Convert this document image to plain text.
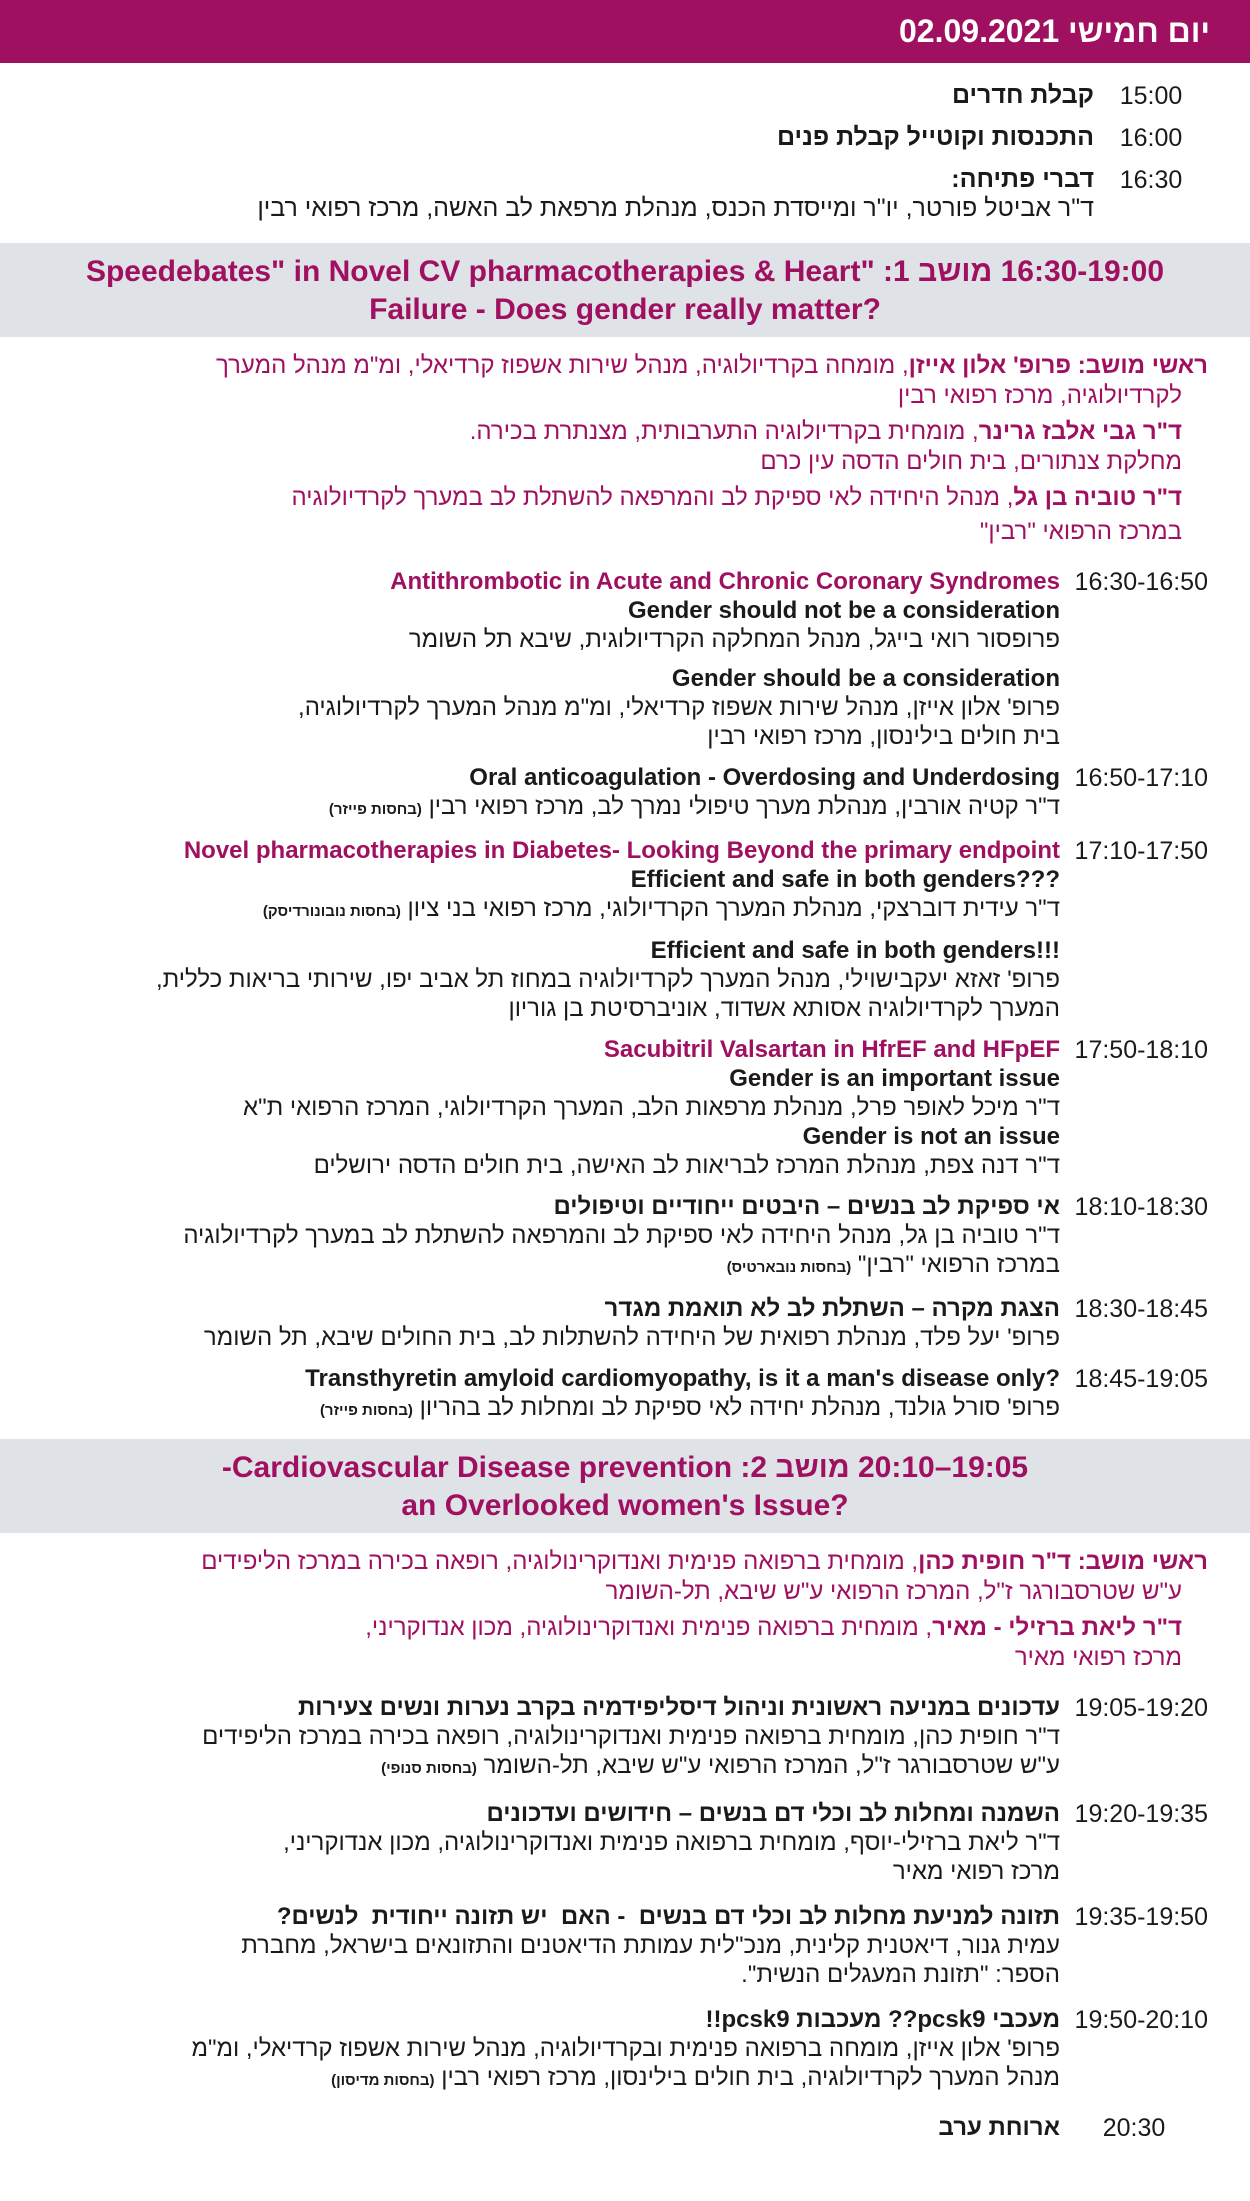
יום חמישי 02.09.2021
15:00
קבלת חדרים
16:00
התכנסות וקוטייל קבלת פנים
16:30
דברי פתיחה:
ד"ר אביטל פורטר, יו"ר ומייסדת הכנס, מנהלת מרפאת לב האשה, מרכז רפואי רבין
16:30-19:00 מושב 1: "Speedebates" in Novel CV pharmacotherapies & Heart
Failure - Does gender really matter?
ראשי מושב: פרופ' אלון אייזן, מומחה בקרדיולוגיה, מנהל שירות אשפוז קרדיאלי, ומ"מ מנהל המערך
לקרדיולוגיה, מרכז רפואי רבין
ד"ר גבי אלבז גרינר, מומחית בקרדיולוגיה התערבותית, מצנתרת בכירה.
מחלקת צנתורים, בית חולים הדסה עין כרם
ד"ר טוביה בן גל, מנהל היחידה לאי ספיקת לב והמרפאה להשתלת לב במערך לקרדיולוגיה
במרכז הרפואי "רבין"
16:30-16:50
Antithrombotic in Acute and Chronic Coronary Syndromes
Gender should not be a consideration
פרופסור רואי בייגל, מנהל המחלקה הקרדיולוגית, שיבא תל השומר
Gender should be a consideration
פרופ' אלון אייזן, מנהל שירות אשפוז קרדיאלי, ומ"מ מנהל המערך לקרדיולוגיה,
בית חולים בילינסון, מרכז רפואי רבין
16:50-17:10
Oral anticoagulation - Overdosing and Underdosing
ד"ר קטיה אורבין, מנהלת מערך טיפולי נמרך לב, מרכז רפואי רבין (בחסות פייזר)
17:10-17:50
Novel pharmacotherapies in Diabetes- Looking Beyond the primary endpoint
Efficient and safe in both genders???
ד"ר עידית דוברצקי, מנהלת המערך הקרדיולוגי, מרכז רפואי בני ציון (בחסות נובונורדיסק)
Efficient and safe in both genders!!!
פרופ' זאזא יעקבישוילי, מנהל המערך לקרדיולוגיה במחוז תל אביב יפו, שירותי בריאות כללית,
המערך לקרדיולוגיה אסותא אשדוד, אוניברסיטת בן גוריון
17:50-18:10
Sacubitril Valsartan in HfrEF and HFpEF
Gender is an important issue
ד"ר מיכל לאופר פרל, מנהלת מרפאות הלב, המערך הקרדיולוגי, המרכז הרפואי ת"א
Gender is not an issue
ד"ר דנה צפת, מנהלת המרכז לבריאות לב האישה, בית חולים הדסה ירושלים
18:10-18:30
אי ספיקת לב בנשים – היבטים ייחודיים וטיפולים
ד"ר טוביה בן גל, מנהל היחידה לאי ספיקת לב והמרפאה להשתלת לב במערך לקרדיולוגיה
במרכז הרפואי "רבין" (בחסות נובארטיס)
18:30-18:45
הצגת מקרה – השתלת לב לא תואמת מגדר
פרופ' יעל פלד, מנהלת רפואית של היחידה להשתלות לב, בית החולים שיבא, תל השומר
18:45-19:05
Transthyretin amyloid cardiomyopathy, is it a man's disease only?
פרופ' סורל גולנד, מנהלת יחידה לאי ספיקת לב ומחלות לב בהריון (בחסות פייזר)
19:05–20:10 מושב 2: Cardiovascular Disease prevention-
an Overlooked women's Issue?
ראשי מושב: ד"ר חופית כהן, מומחית ברפואה פנימית ואנדוקרינולוגיה, רופאה בכירה במרכז הליפידים
ע"ש שטרסבורגר ז"ל, המרכז הרפואי ע"ש שיבא, תל-השומר
ד"ר ליאת ברזילי - מאיר, מומחית ברפואה פנימית ואנדוקרינולוגיה, מכון אנדוקריני,
מרכז רפואי מאיר
19:05-19:20
עדכונים במניעה ראשונית וניהול דיסליפידמיה בקרב נערות ונשים צעירות
ד"ר חופית כהן, מומחית ברפואה פנימית ואנדוקרינולוגיה, רופאה בכירה במרכז הליפידים
ע"ש שטרסבורגר ז"ל, המרכז הרפואי ע"ש שיבא, תל-השומר (בחסות סנופי)
19:20-19:35
השמנה ומחלות לב וכלי דם בנשים – חידושים ועדכונים
ד"ר ליאת ברזילי-יוסף, מומחית ברפואה פנימית ואנדוקרינולוגיה, מכון אנדוקריני,
מרכז רפואי מאיר
19:35-19:50
תזונה למניעת מחלות לב וכלי דם בנשים  - האם  יש תזונה ייחודית  לנשים?
עמית גנור, דיאטנית קלינית, מנכ"לית עמותת הדיאטנים והתזונאים בישראל, מחברת
הספר: "תזונת המעגלים הנשית".
19:50-20:10
מעכבי pcsk9?? מעכבות pcsk9!!
פרופ' אלון אייזן, מומחה ברפואה פנימית ובקרדיולוגיה, מנהל שירות אשפוז קרדיאלי, ומ"מ
מנהל המערך לקרדיולוגיה, בית חולים בילינסון, מרכז רפואי רבין (בחסות מדיסון)
20:30
ארוחת ערב
